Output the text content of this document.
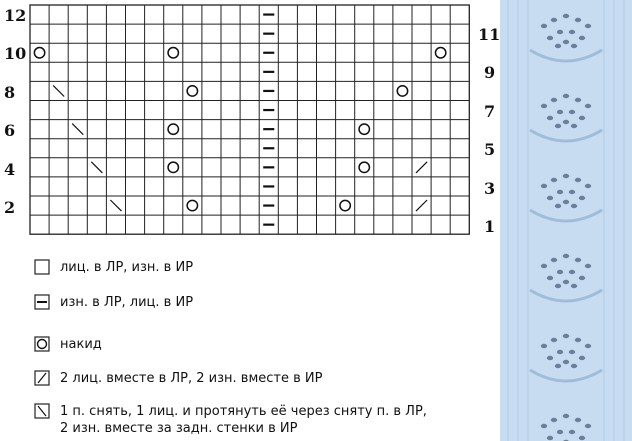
12
10
8
6
4
2
11
9
7
5
3
1
лиц. в ЛР, изн. в ИР
изн. в ЛР, лиц. в ИР
накид
2 лиц. вместе в ЛР, 2 изн. вместе в ИР
1 п. снять, 1 лиц. и протянуть её через сняту п. в ЛР,
2 изн. вместе за задн. стенки в ИР
